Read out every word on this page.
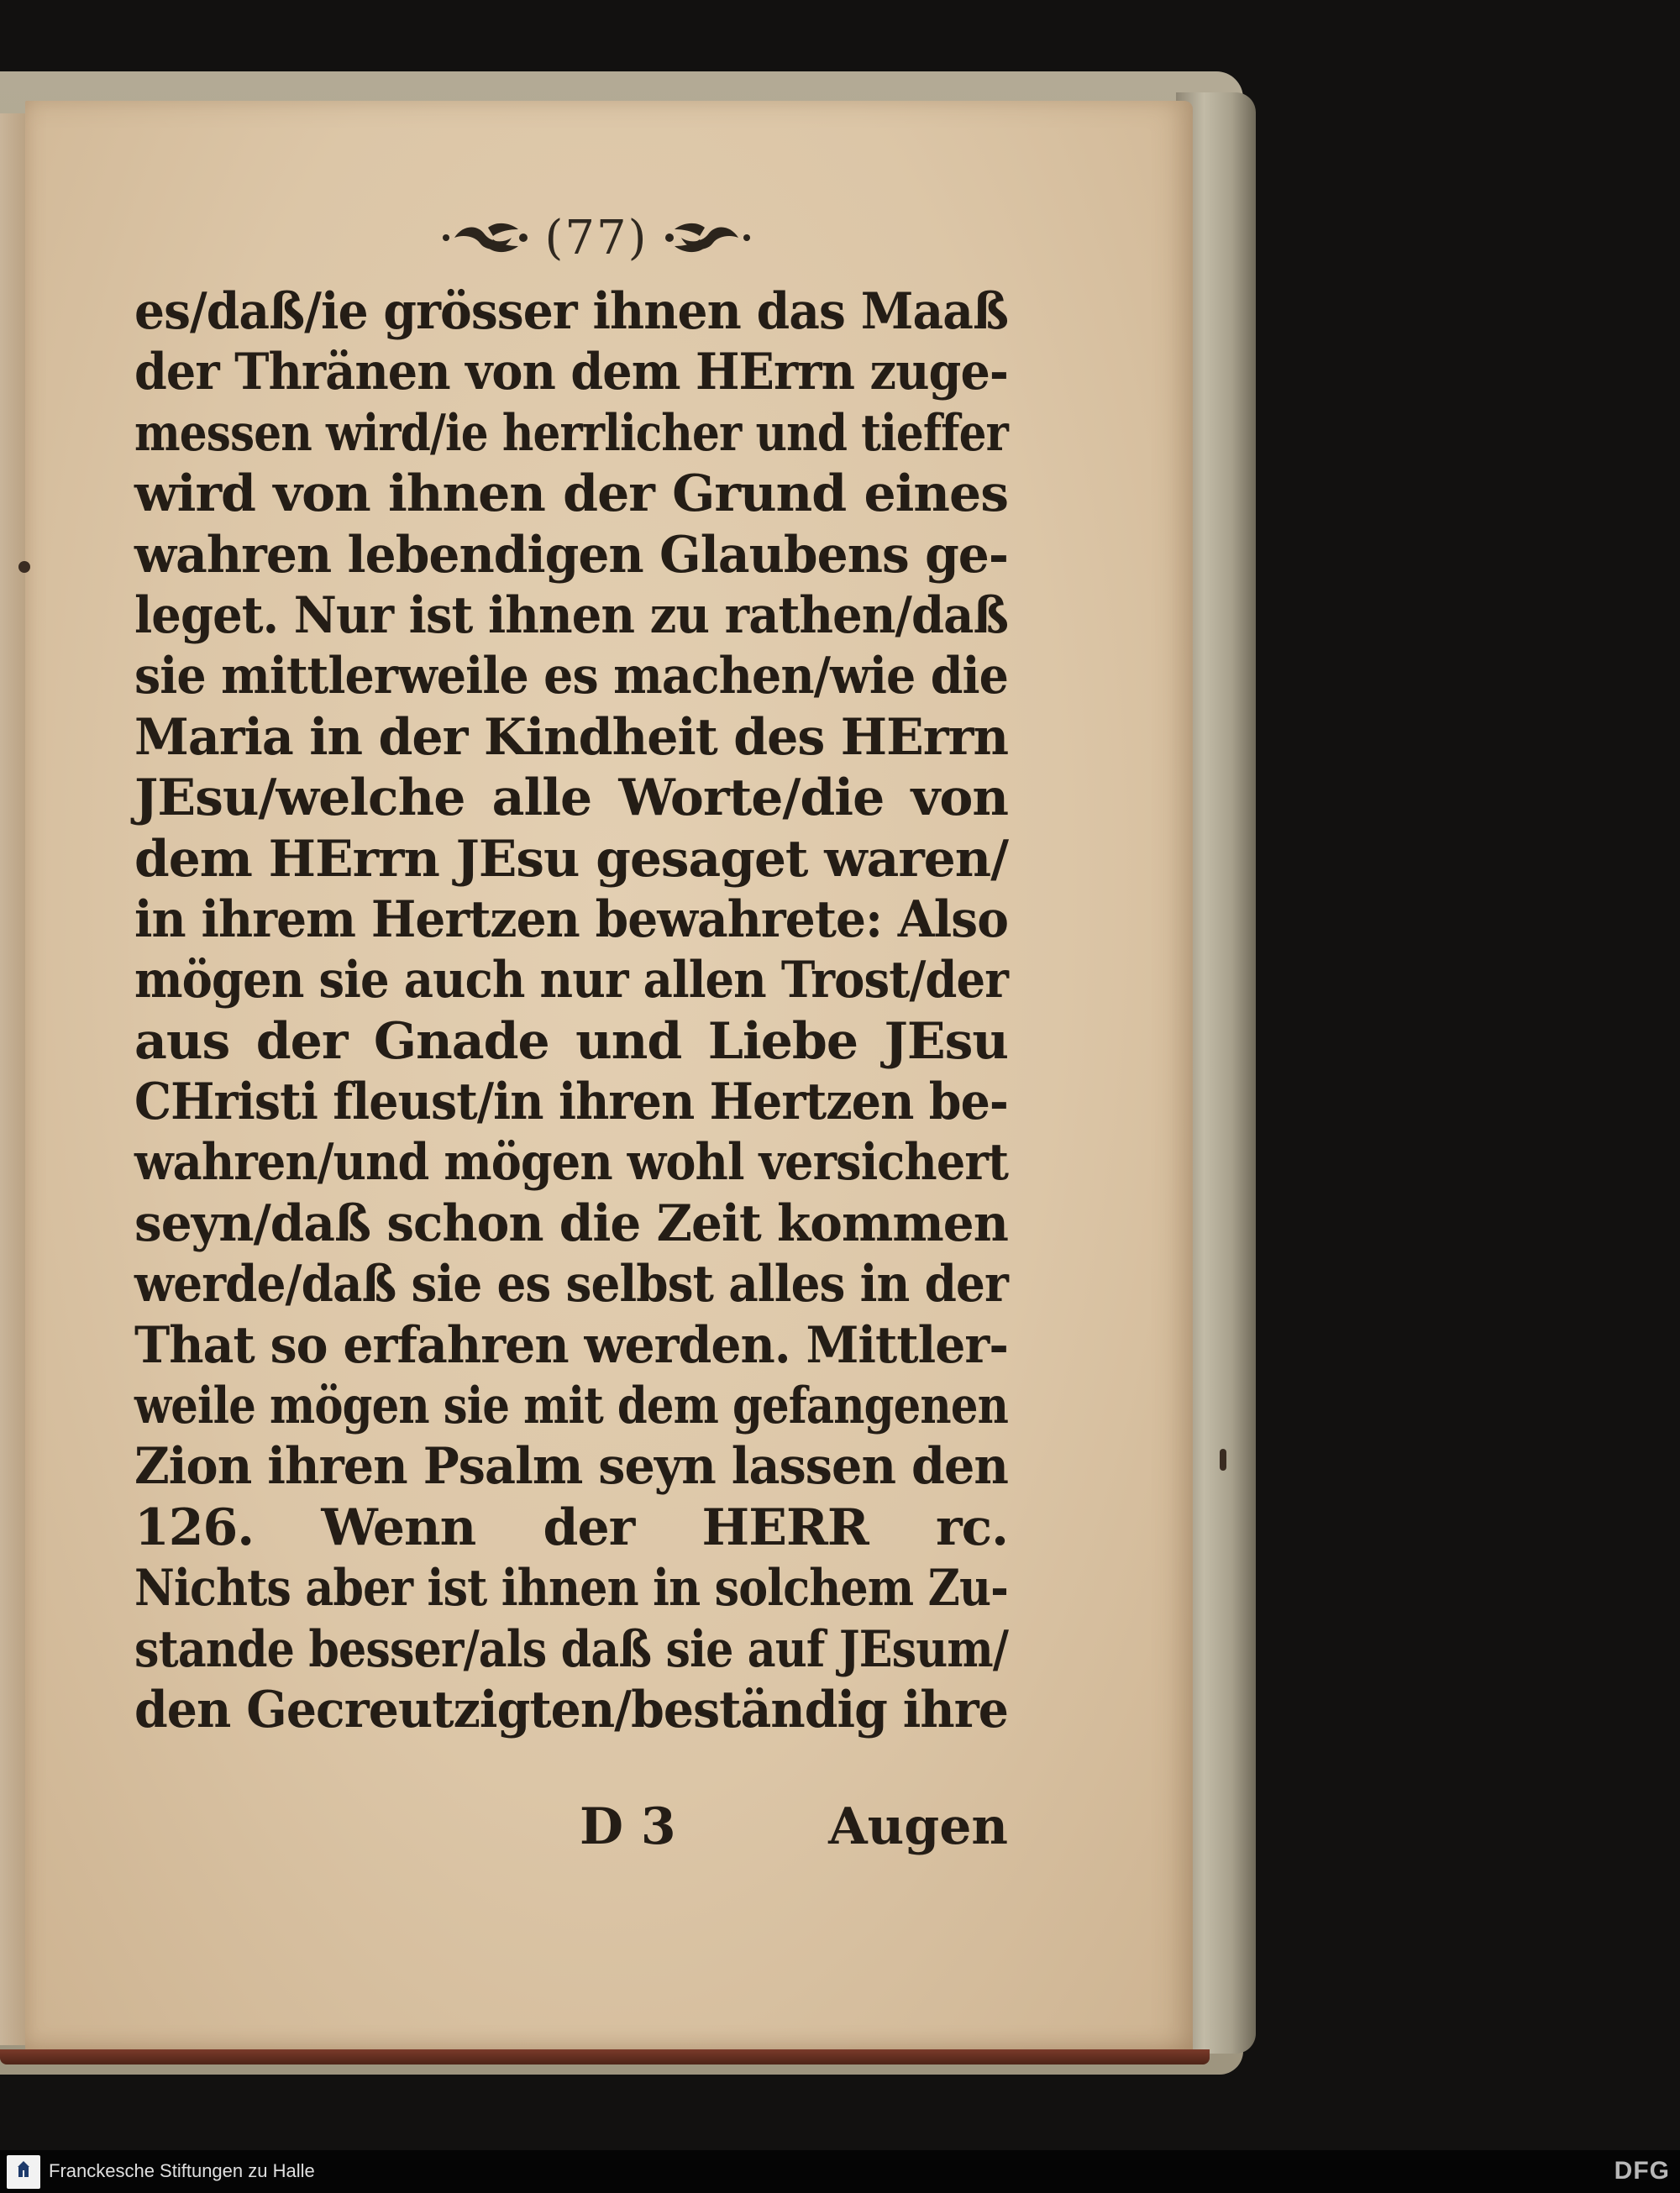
(77)
es/daß/ie grösser ihnen das Maaß
der Thränen von dem HErrn zuge-
messen wird/ie herrlicher und tieffer
wird von ihnen der Grund eines
wahren lebendigen Glaubens ge-
leget. Nur ist ihnen zu rathen/daß
sie mittlerweile es machen/wie die
Maria in der Kindheit des HErrn
JEsu/welche alle Worte/die von
dem HErrn JEsu gesaget waren/
in ihrem Hertzen bewahrete: Also
mögen sie auch nur allen Trost/der
aus der Gnade und Liebe JEsu
CHristi fleust/in ihren Hertzen be-
wahren/und mögen wohl versichert
seyn/daß schon die Zeit kommen
werde/daß sie es selbst alles in der
That so erfahren werden. Mittler-
weile mögen sie mit dem gefangenen
Zion ihren Psalm seyn lassen den
126. Wenn der HERR rc.
Nichts aber ist ihnen in solchem Zu-
stande besser/als daß sie auf JEsum/
den Gecreutzigten/beständig ihre
D 3	Augen
Franckesche Stiftungen zu Halle	DFG
